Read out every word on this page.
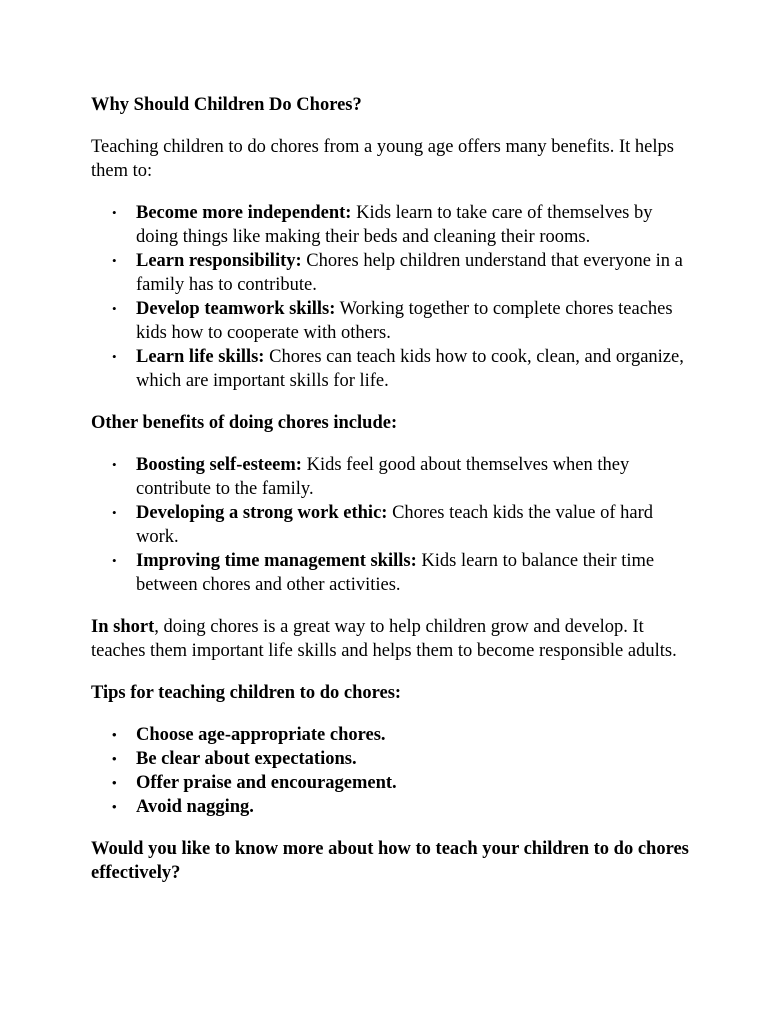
Why Should Children Do Chores?

Teaching children to do chores from a young age offers many benefits. It helps them to:

• Become more independent: Kids learn to take care of themselves by doing things like making their beds and cleaning their rooms.
• Learn responsibility: Chores help children understand that everyone in a family has to contribute.
• Develop teamwork skills: Working together to complete chores teaches kids how to cooperate with others.
• Learn life skills: Chores can teach kids how to cook, clean, and organize, which are important skills for life.

Other benefits of doing chores include:

• Boosting self-esteem: Kids feel good about themselves when they contribute to the family.
• Developing a strong work ethic: Chores teach kids the value of hard work.
• Improving time management skills: Kids learn to balance their time between chores and other activities.

In short, doing chores is a great way to help children grow and develop. It teaches them important life skills and helps them to become responsible adults.

Tips for teaching children to do chores:

• Choose age-appropriate chores.
• Be clear about expectations.
• Offer praise and encouragement.
• Avoid nagging.

Would you like to know more about how to teach your children to do chores effectively?
